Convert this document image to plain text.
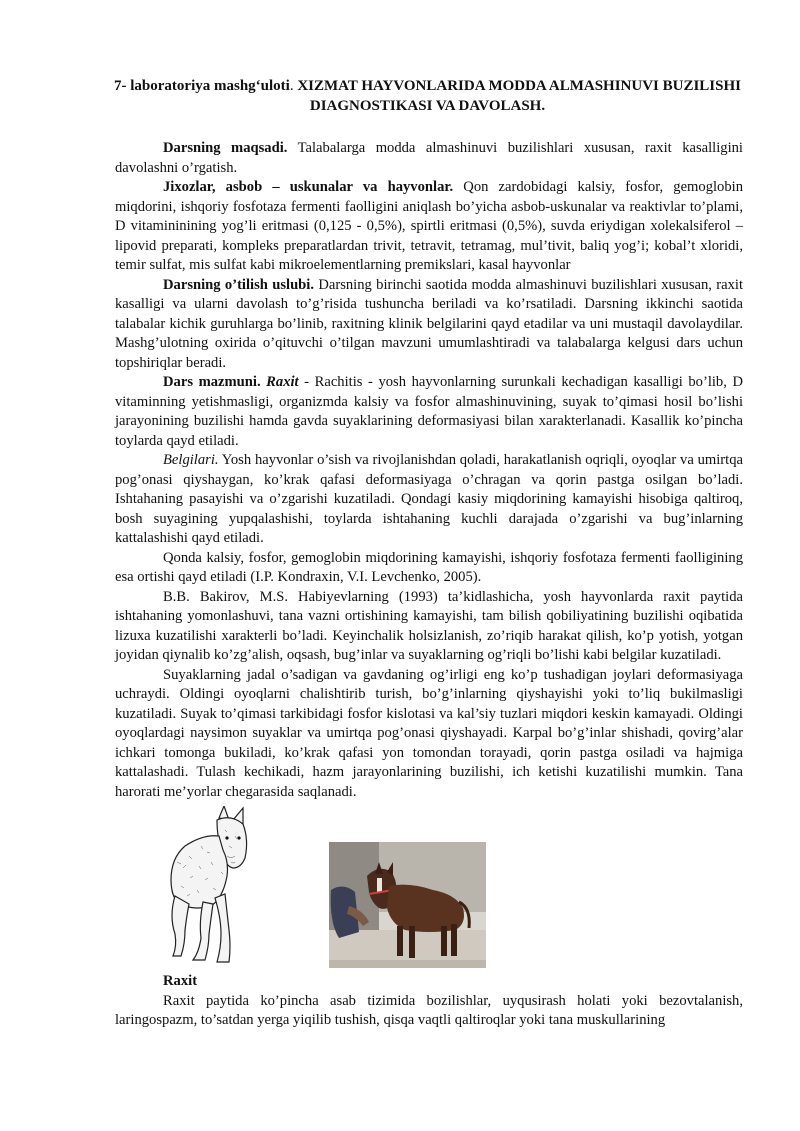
7- laboratoriya mashg‘uloti. XIZMAT HAYVONLARIDA MODDA ALMASHINUVI BUZILISHI DIAGNOSTIKASI VA DAVOLASH.

Darsning maqsadi. Talabalarga modda almashinuvi buzilishlari xususan, raxit kasalligini davolashni o’rgatish.

Jixozlar, asbob – uskunalar va hayvonlar. Qon zardobidagi kalsiy, fosfor, gemoglobin miqdorini, ishqoriy fosfotaza fermenti faolligini aniqlash bo’yicha asbob-uskunalar va reaktivlar to’plami, D vitamininining yog’li eritmasi (0,125 - 0,5%), spirtli eritmasi (0,5%), suvda eriydigan xolekalsiferol – lipovid preparati, kompleks preparatlardan trivit, tetravit, tetramag, mul’tivit, baliq yog’i; kobal’t xloridi, temir sulfat, mis sulfat kabi mikroelementlarning premikslari, kasal hayvonlar

Darsning o’tilish uslubi. Darsning birinchi saotida modda almashinuvi buzilishlari xususan, raxit kasalligi va ularni davolash to’g’risida tushuncha beriladi va ko’rsatiladi. Darsning ikkinchi saotida talabalar kichik guruhlarga bo’linib, raxitning klinik belgilarini qayd etadilar va uni mustaqil davolaydilar. Mashg’ulotning oxirida o’qituvchi o’tilgan mavzuni umumlashtiradi va talabalarga kelgusi dars uchun topshiriqlar beradi.

Dars mazmuni. Raxit - Rachitis - yosh hayvonlarning surunkali kechadigan kasalligi bo’lib, D vitaminning yetishmasligi, organizmda kalsiy va fosfor almashinuvining, suyak to’qimasi hosil bo’lishi jarayonining buzilishi hamda gavda suyaklarining deformasiyasi bilan xarakterlanadi. Kasallik ko’pincha toylarda qayd etiladi.

Belgilari. Yosh hayvonlar o’sish va rivojlanishdan qoladi, harakatlanish oqriqli, oyoqlar va umirtqa pog’onasi qiyshaygan, ko’krak qafasi deformasiyaga o’chragan va qorin pastga osilgan bo’ladi. Ishtahaning pasayishi va o’zgarishi kuzatiladi. Qondagi kasiy miqdorining kamayishi hisobiga qaltiroq, bosh suyagining yupqalashishi, toylarda ishtahaning kuchli darajada o’zgarishi va bug’inlarning kattalashishi qayd etiladi.

Qonda kalsiy, fosfor, gemoglobin miqdorining kamayishi, ishqoriy fosfotaza fermenti faolligining esa ortishi qayd etiladi (I.P. Kondraxin, V.I. Levchenko, 2005).

B.B. Bakirov, M.S. Habiyevlarning (1993) ta’kidlashicha, yosh hayvonlarda raxit paytida ishtahaning yomonlashuvi, tana vazni ortishining kamayishi, tam bilish qobiliyatining buzilishi oqibatida lizuxa kuzatilishi xarakterli bo’ladi. Keyinchalik holsizlanish, zo’riqib harakat qilish, ko’p yotish, yotgan joyidan qiynalib ko’zg’alish, oqsash, bug’inlar va suyaklarning og’riqli bo’lishi kabi belgilar kuzatiladi.

Suyaklarning jadal o’sadigan va gavdaning og’irligi eng ko’p tushadigan joylari deformasiyaga uchraydi. Oldingi oyoqlarni chalishtirib turish, bo’g’inlarning qiyshayishi yoki to’liq bukilmasligi kuzatiladi. Suyak to’qimasi tarkibidagi fosfor kislotasi va kal’siy tuzlari miqdori keskin kamayadi. Oldingi oyoqlardagi naysimon suyaklar va umirtqa pog’onasi qiyshayadi. Karpal bo’g’inlar shishadi, qovirg’alar ichkari tomonga bukiladi, ko’krak qafasi yon tomondan torayadi, qorin pastga osiladi va hajmiga kattalashadi. Tulash kechikadi, hazm jarayonlarining buzilishi, ich ketishi kuzatilishi mumkin. Tana harorati me’yorlar chegarasida saqlanadi.

Raxit

Raxit paytida ko’pincha asab tizimida bozilishlar, uyqusirash holati yoki bezovtalanish, laringospazm, to’satdan yerga yiqilib tushish, qisqa vaqtli qaltiroqlar yoki tana muskullarining
